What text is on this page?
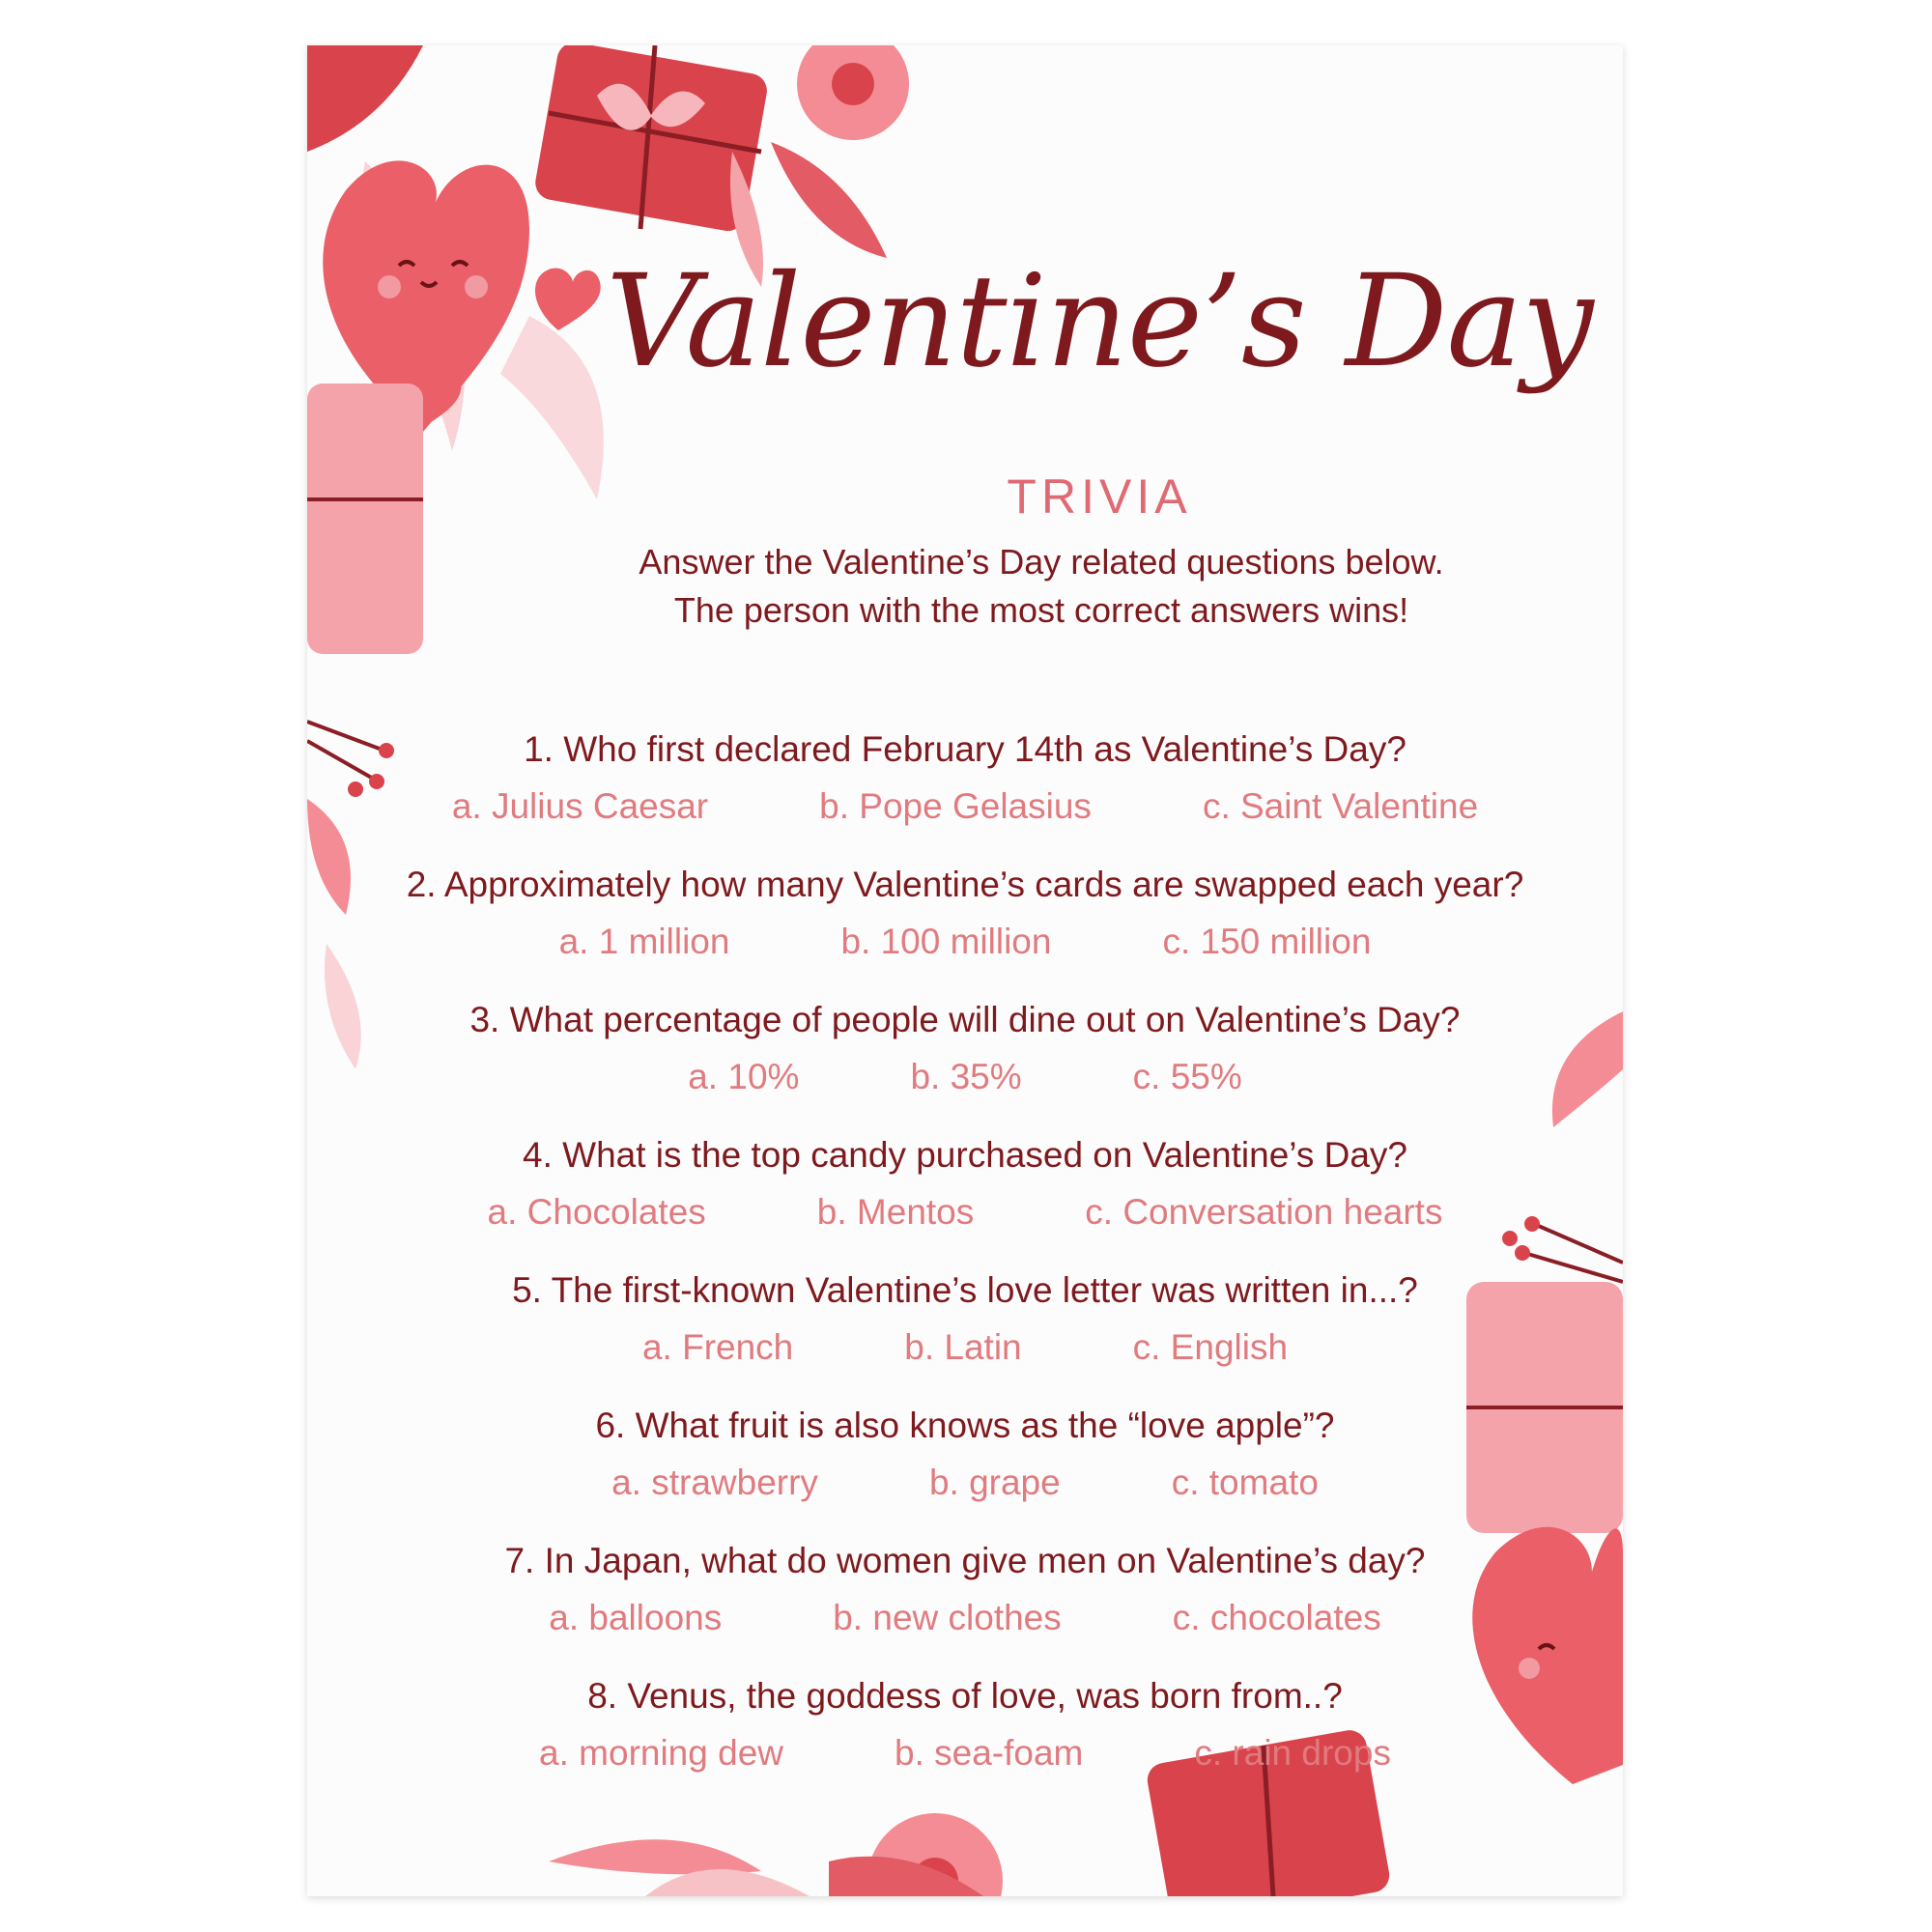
Valentine’s Day
TRIVIA
Answer the Valentine’s Day related questions below.
The person with the most correct answers wins!
1. Who first declared February 14th as Valentine’s Day?
a. Julius Caesar	b. Pope Gelasius	c. Saint Valentine
2. Approximately how many Valentine’s cards are swapped each year?
a. 1 million	b. 100 million	c. 150 million
3. What percentage of people will dine out on Valentine’s Day?
a. 10%	b. 35%	c. 55%
4. What is the top candy purchased on Valentine’s Day?
a. Chocolates	b. Mentos	c. Conversation hearts
5. The first-known Valentine’s love letter was written in...?
a. French	b. Latin	c. English
6. What fruit is also knows as the “love apple”?
a. strawberry	b. grape	c. tomato
7. In Japan, what do women give men on Valentine’s day?
a. balloons	b. new clothes	c. chocolates
8. Venus, the goddess of love, was born from..?
a. morning dew	b. sea-foam	c. rain drops
